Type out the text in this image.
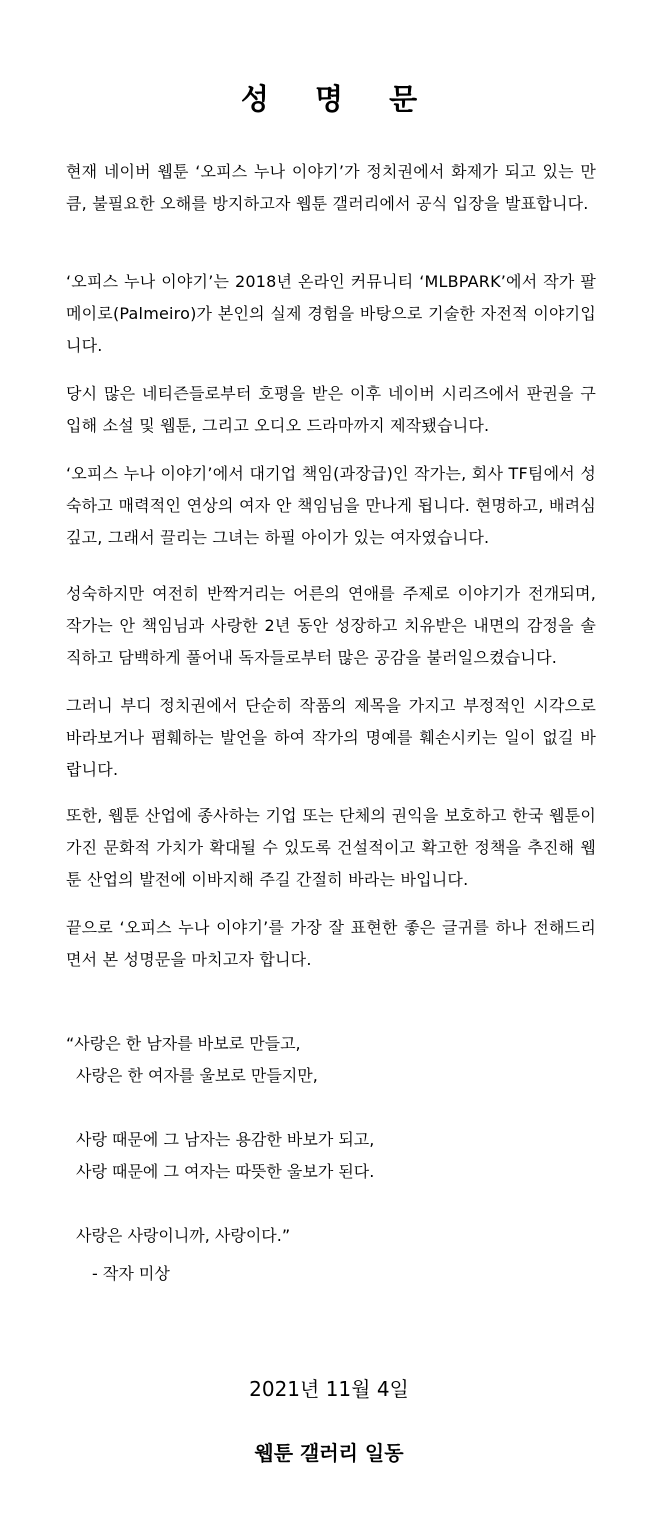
성 명 문

현재 네이버 웹툰 ‘오피스 누나 이야기’가 정치권에서 화제가 되고 있는 만큼, 불필요한 오해를 방지하고자 웹툰 갤러리에서 공식 입장을 발표합니다.

‘오피스 누나 이야기’는 2018년 온라인 커뮤니티 ‘MLBPARK’에서 작가 팔메이로(Palmeiro)가 본인의 실제 경험을 바탕으로 기술한 자전적 이야기입니다.

당시 많은 네티즌들로부터 호평을 받은 이후 네이버 시리즈에서 판권을 구입해 소설 및 웹툰, 그리고 오디오 드라마까지 제작됐습니다.

‘오피스 누나 이야기’에서 대기업 책임(과장급)인 작가는, 회사 TF팀에서 성숙하고 매력적인 연상의 여자 안 책임님을 만나게 됩니다. 현명하고, 배려심 깊고, 그래서 끌리는 그녀는 하필 아이가 있는 여자였습니다.

성숙하지만 여전히 반짝거리는 어른의 연애를 주제로 이야기가 전개되며, 작가는 안 책임님과 사랑한 2년 동안 성장하고 치유받은 내면의 감정을 솔직하고 담백하게 풀어내 독자들로부터 많은 공감을 불러일으켰습니다.

그러니 부디 정치권에서 단순히 작품의 제목을 가지고 부정적인 시각으로 바라보거나 폄훼하는 발언을 하여 작가의 명예를 훼손시키는 일이 없길 바랍니다.

또한, 웹툰 산업에 종사하는 기업 또는 단체의 권익을 보호하고 한국 웹툰이 가진 문화적 가치가 확대될 수 있도록 건설적이고 확고한 정책을 추진해 웹툰 산업의 발전에 이바지해 주길 간절히 바라는 바입니다.

끝으로 ‘오피스 누나 이야기’를 가장 잘 표현한 좋은 글귀를 하나 전해드리면서 본 성명문을 마치고자 합니다.

“사랑은 한 남자를 바보로 만들고,
사랑은 한 여자를 울보로 만들지만,

사랑 때문에 그 남자는 용감한 바보가 되고,
사랑 때문에 그 여자는 따뜻한 울보가 된다.

사랑은 사랑이니까, 사랑이다.”
- 작자 미상
2021년 11월 4일
웹툰 갤러리 일동
